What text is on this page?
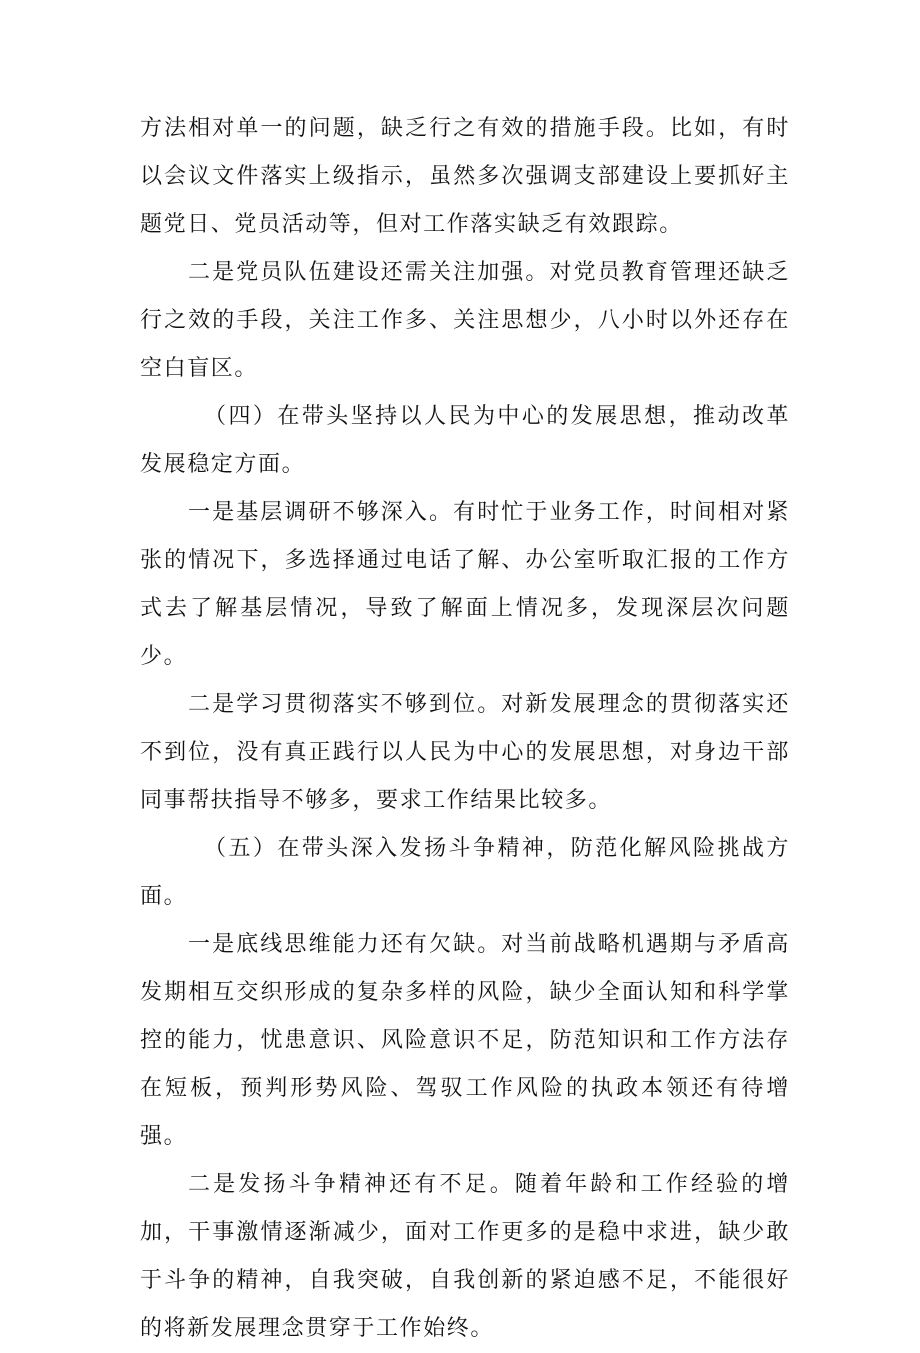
方法相对单一的问题，缺乏行之有效的措施手段。比如，有时以会议文件落实上级指示，虽然多次强调支部建设上要抓好主题党日、党员活动等，但对工作落实缺乏有效跟踪。

二是党员队伍建设还需关注加强。对党员教育管理还缺乏行之效的手段，关注工作多、关注思想少，八小时以外还存在空白盲区。

（四）在带头坚持以人民为中心的发展思想，推动改革发展稳定方面。

一是基层调研不够深入。有时忙于业务工作，时间相对紧张的情况下，多选择通过电话了解、办公室听取汇报的工作方式去了解基层情况，导致了解面上情况多，发现深层次问题少。

二是学习贯彻落实不够到位。对新发展理念的贯彻落实还不到位，没有真正践行以人民为中心的发展思想，对身边干部同事帮扶指导不够多，要求工作结果比较多。

（五）在带头深入发扬斗争精神，防范化解风险挑战方面。

一是底线思维能力还有欠缺。对当前战略机遇期与矛盾高发期相互交织形成的复杂多样的风险，缺少全面认知和科学掌控的能力，忧患意识、风险意识不足，防范知识和工作方法存在短板，预判形势风险、驾驭工作风险的执政本领还有待增强。

二是发扬斗争精神还有不足。随着年龄和工作经验的增加，干事激情逐渐减少，面对工作更多的是稳中求进，缺少敢于斗争的精神，自我突破，自我创新的紧迫感不足，不能很好的将新发展理念贯穿于工作始终。
